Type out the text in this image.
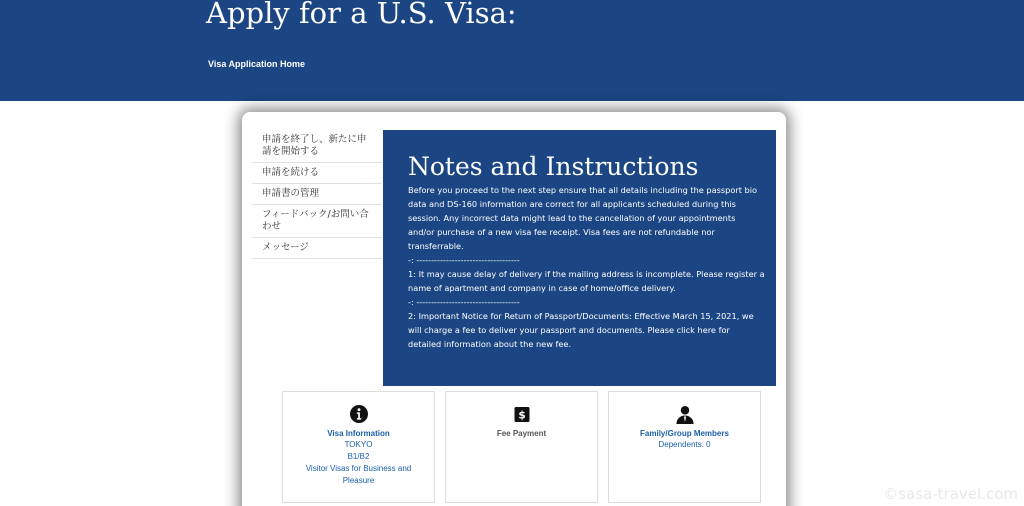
Apply for a U.S. Visa:
Visa Application Home
申請を終了し、新たに申請を開始する
申請を続ける
申請書の管理
フィードバック/お問い合わせ
メッセージ
Notes and Instructions
Before you proceed to the next step ensure that all details including the passport bio
data and DS-160 information are correct for all applicants scheduled during this
session. Any incorrect data might lead to the cancellation of your appointments
and/or purchase of a new visa fee receipt. Visa fees are not refundable nor
transferrable.
-: -----------------------------------
1: It may cause delay of delivery if the mailing address is incomplete. Please register a
name of apartment and company in case of home/office delivery.
-: -----------------------------------
2: Important Notice for Return of Passport/Documents: Effective March 15, 2021, we
will charge a fee to deliver your passport and documents. Please click here for
detailed information about the new fee.
Visa Information
TOKYO
B1/B2
Visitor Visas for Business and
Pleasure
$
Fee Payment	Family/Group Members
Dependents: 0
©sasa-travel.com
